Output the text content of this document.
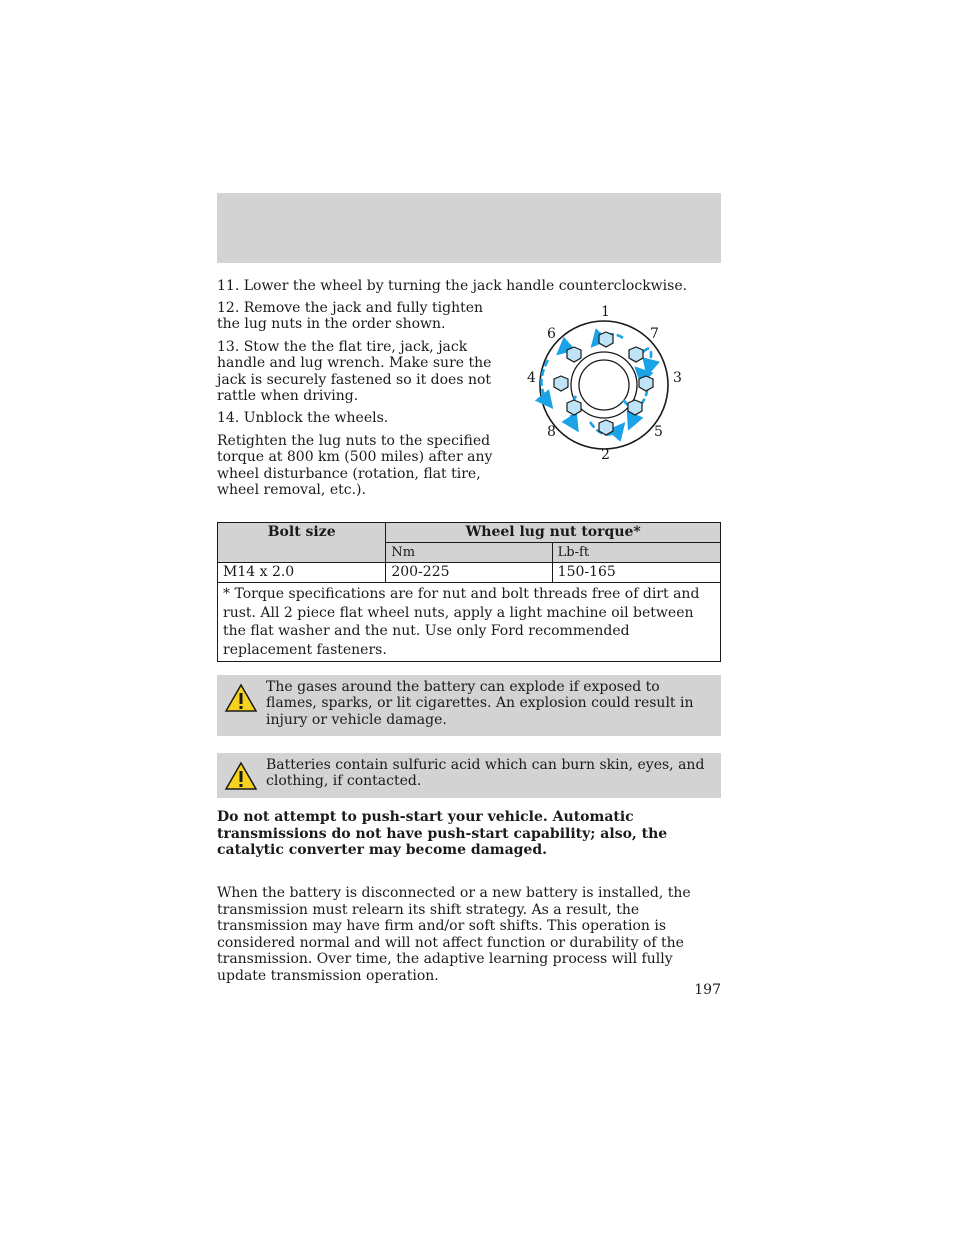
11. Lower the wheel by turning the jack handle counterclockwise.

12. Remove the jack and fully tighten the lug nuts in the order shown.

13. Stow the the flat tire, jack, jack handle and lug wrench. Make sure the jack is securely fastened so it does not rattle when driving.

14. Unblock the wheels.

Retighten the lug nuts to the specified torque at 800 km (500 miles) after any wheel disturbance (rotation, flat tire, wheel removal, etc.).

1
2
3
4
5
6	7
8
Bolt size	Wheel lug nut torque*	
	Nm	Lb-ft
M14 x 2.0	200-225	150-165
* Torque specifications are for nut and bolt threads free of dirt and rust. All 2 piece flat wheel nuts, apply a light machine oil between the flat washer and the nut. Use only Ford recommended replacement fasteners.		
The gases around the battery can explode if exposed to flames, sparks, or lit cigarettes. An explosion could result in injury or vehicle damage.
Batteries contain sulfuric acid which can burn skin, eyes, and clothing, if contacted.
Do not attempt to push-start your vehicle. Automatic transmissions do not have push-start capability; also, the catalytic converter may become damaged.
When the battery is disconnected or a new battery is installed, the transmission must relearn its shift strategy. As a result, the transmission may have firm and/or soft shifts. This operation is considered normal and will not affect function or durability of the transmission. Over time, the adaptive learning process will fully update transmission operation.
197
